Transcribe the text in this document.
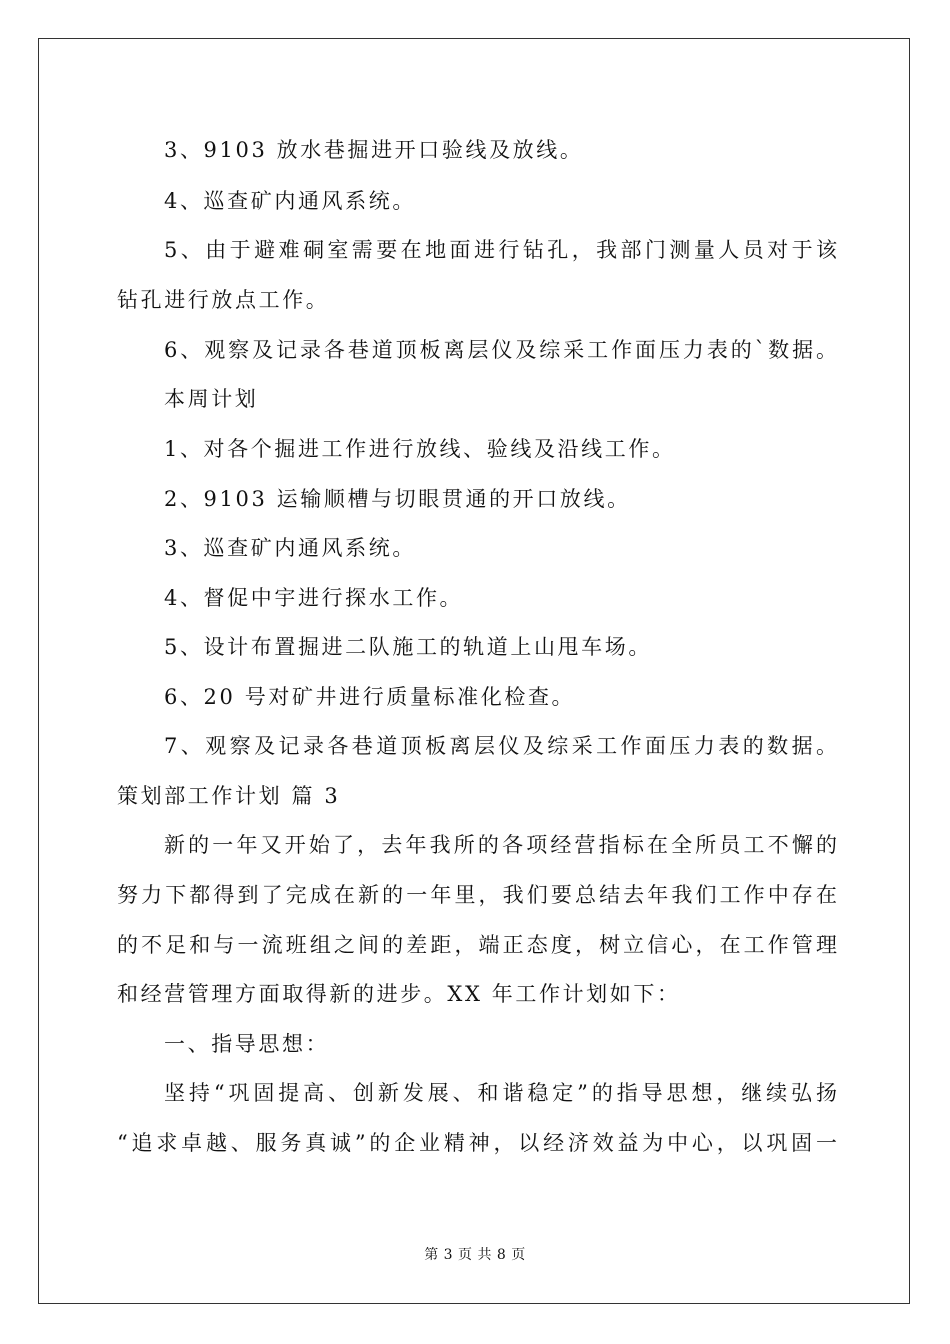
3、9103 放水巷掘进开口验线及放线。
4、巡查矿内通风系统。
5、由于避难硐室需要在地面进行钻孔，我部门测量人员对于该
钻孔进行放点工作。
6、观察及记录各巷道顶板离层仪及综采工作面压力表的`数据。
本周计划
1、对各个掘进工作进行放线、验线及沿线工作。
2、9103 运输顺槽与切眼贯通的开口放线。
3、巡查矿内通风系统。
4、督促中宇进行探水工作。
5、设计布置掘进二队施工的轨道上山甩车场。
6、20 号对矿井进行质量标准化检查。
7、观察及记录各巷道顶板离层仪及综采工作面压力表的数据。
策划部工作计划 篇 3
新的一年又开始了，去年我所的各项经营指标在全所员工不懈的
努力下都得到了完成在新的一年里，我们要总结去年我们工作中存在
的不足和与一流班组之间的差距，端正态度，树立信心，在工作管理
和经营管理方面取得新的进步。XX 年工作计划如下：
一、指导思想：
坚持“巩固提高、创新发展、和谐稳定”的指导思想，继续弘扬
“追求卓越、服务真诚”的企业精神，以经济效益为中心，以巩固一
第 3 页 共 8 页
